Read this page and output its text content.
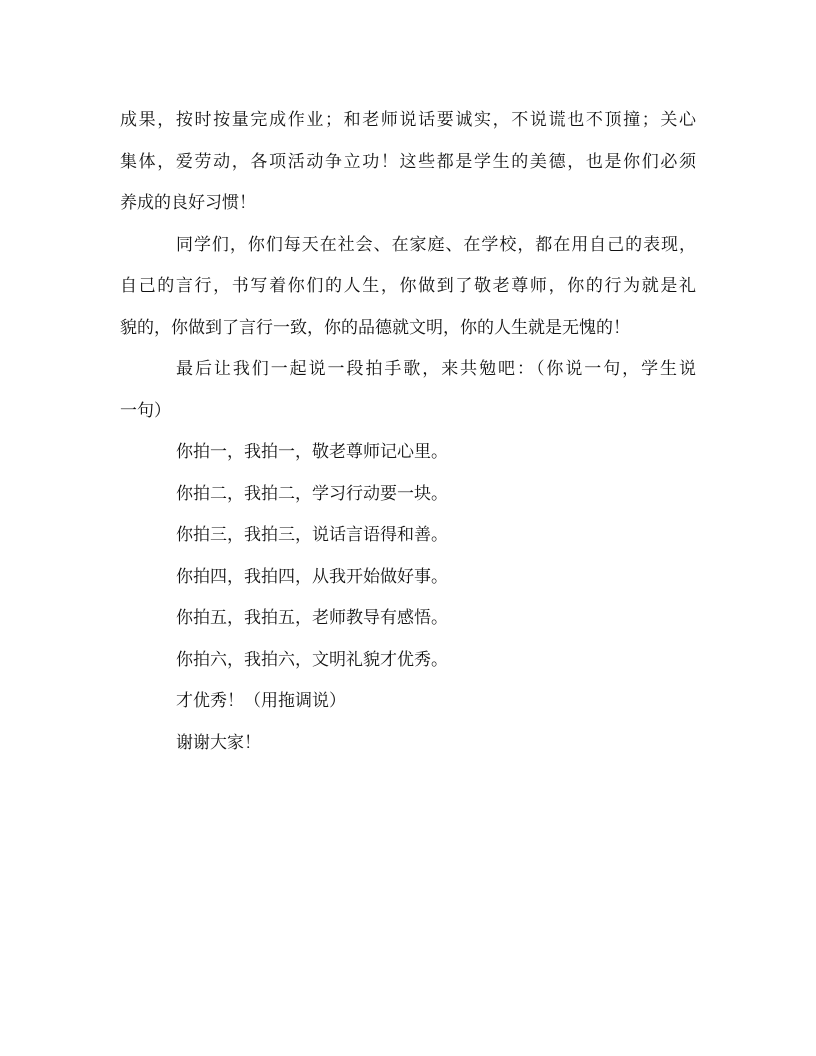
成果，按时按量完成作业；和老师说话要诚实，不说谎也不顶撞；关心
集体，爱劳动，各项活动争立功！这些都是学生的美德，也是你们必须
养成的良好习惯！
同学们，你们每天在社会、在家庭、在学校，都在用自己的表现，
自己的言行，书写着你们的人生，你做到了敬老尊师，你的行为就是礼
貌的，你做到了言行一致，你的品德就文明，你的人生就是无愧的！
最后让我们一起说一段拍手歌，来共勉吧：（你说一句，学生说
一句）
你拍一，我拍一，敬老尊师记心里。
你拍二，我拍二，学习行动要一块。
你拍三，我拍三，说话言语得和善。
你拍四，我拍四，从我开始做好事。
你拍五，我拍五，老师教导有感悟。
你拍六，我拍六，文明礼貌才优秀。
才优秀！（用拖调说）
谢谢大家！
